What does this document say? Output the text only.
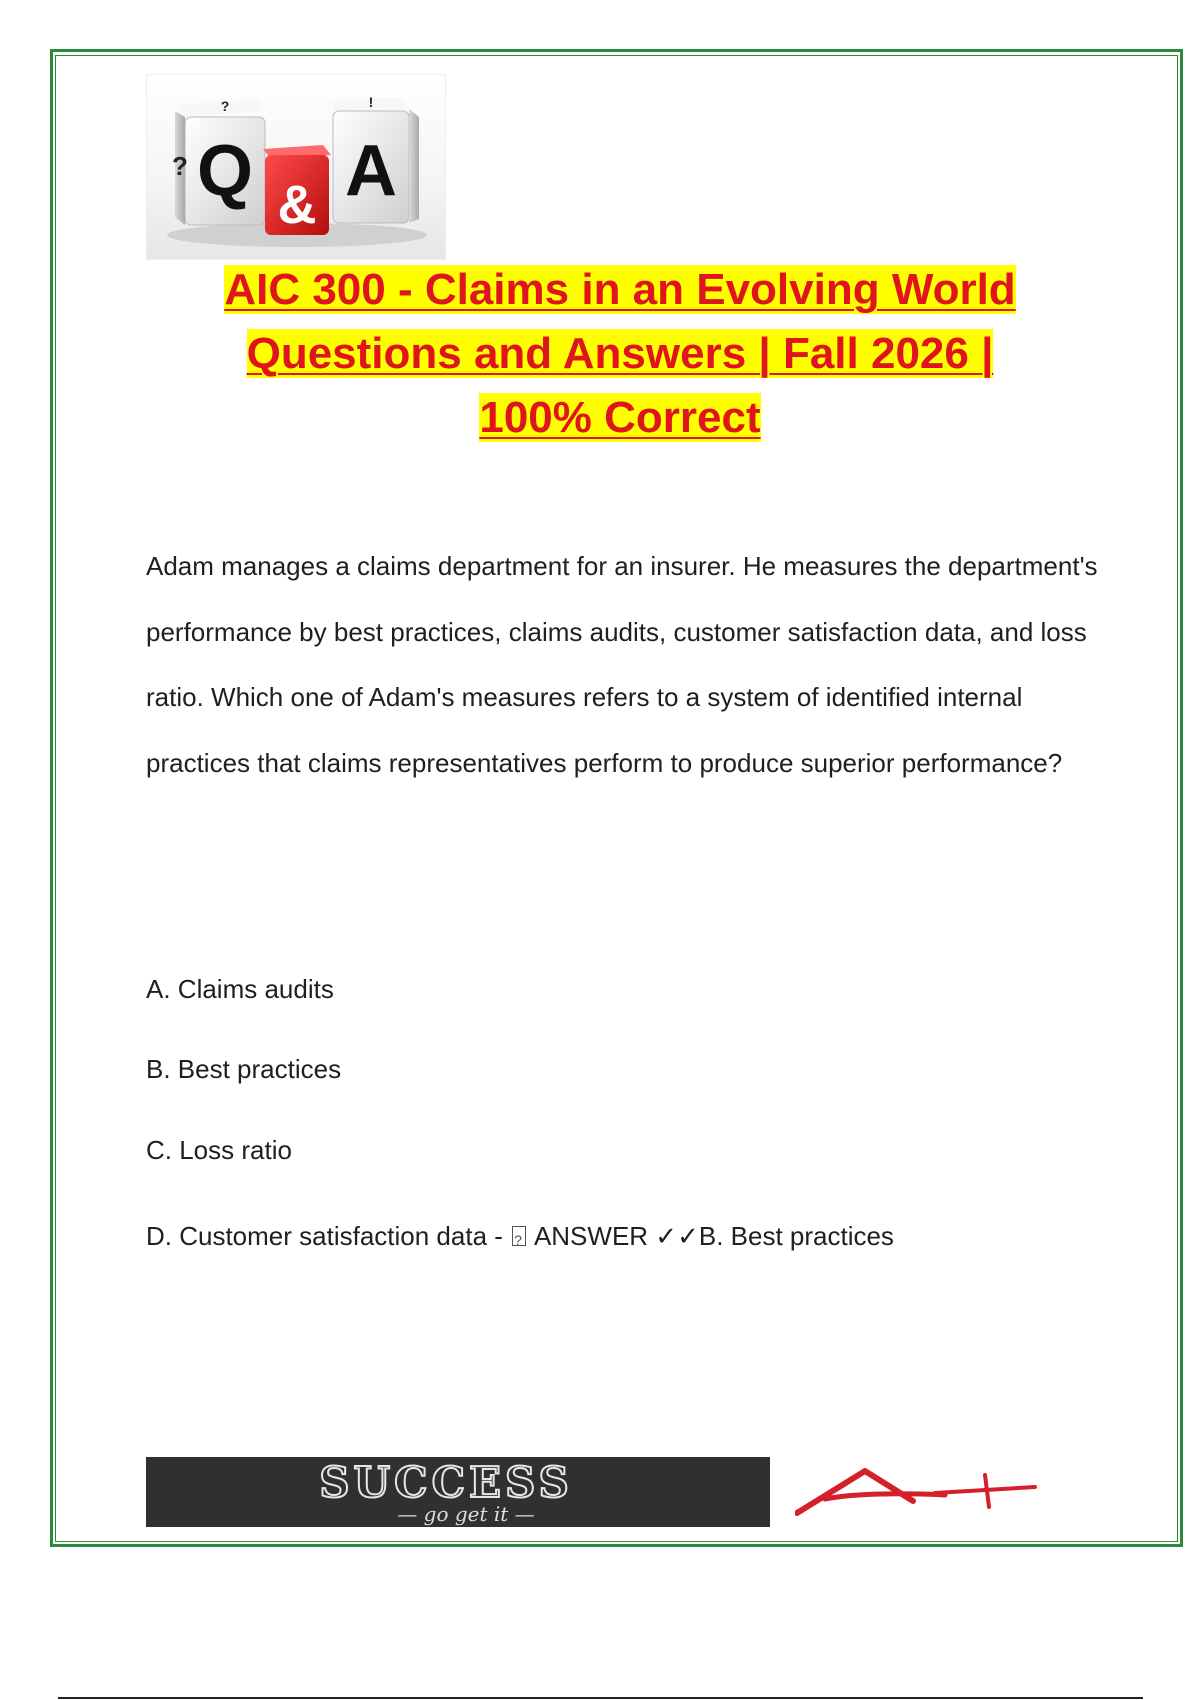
Q
?
?
A
!
&
AIC 300 - Claims in an Evolving World
Questions and Answers | Fall 2026 |
100% Correct
Adam manages a claims department for an insurer. He measures the department's performance by best practices, claims audits, customer satisfaction data, and loss ratio. Which one of Adam's measures refers to a system of identified internal practices that claims representatives perform to produce superior performance?
A. Claims audits
B. Best practices
C. Loss ratio
D. Customer satisfaction data - ? ANSWER ✓✓B. Best practices
SUCCESS
— go get it —
